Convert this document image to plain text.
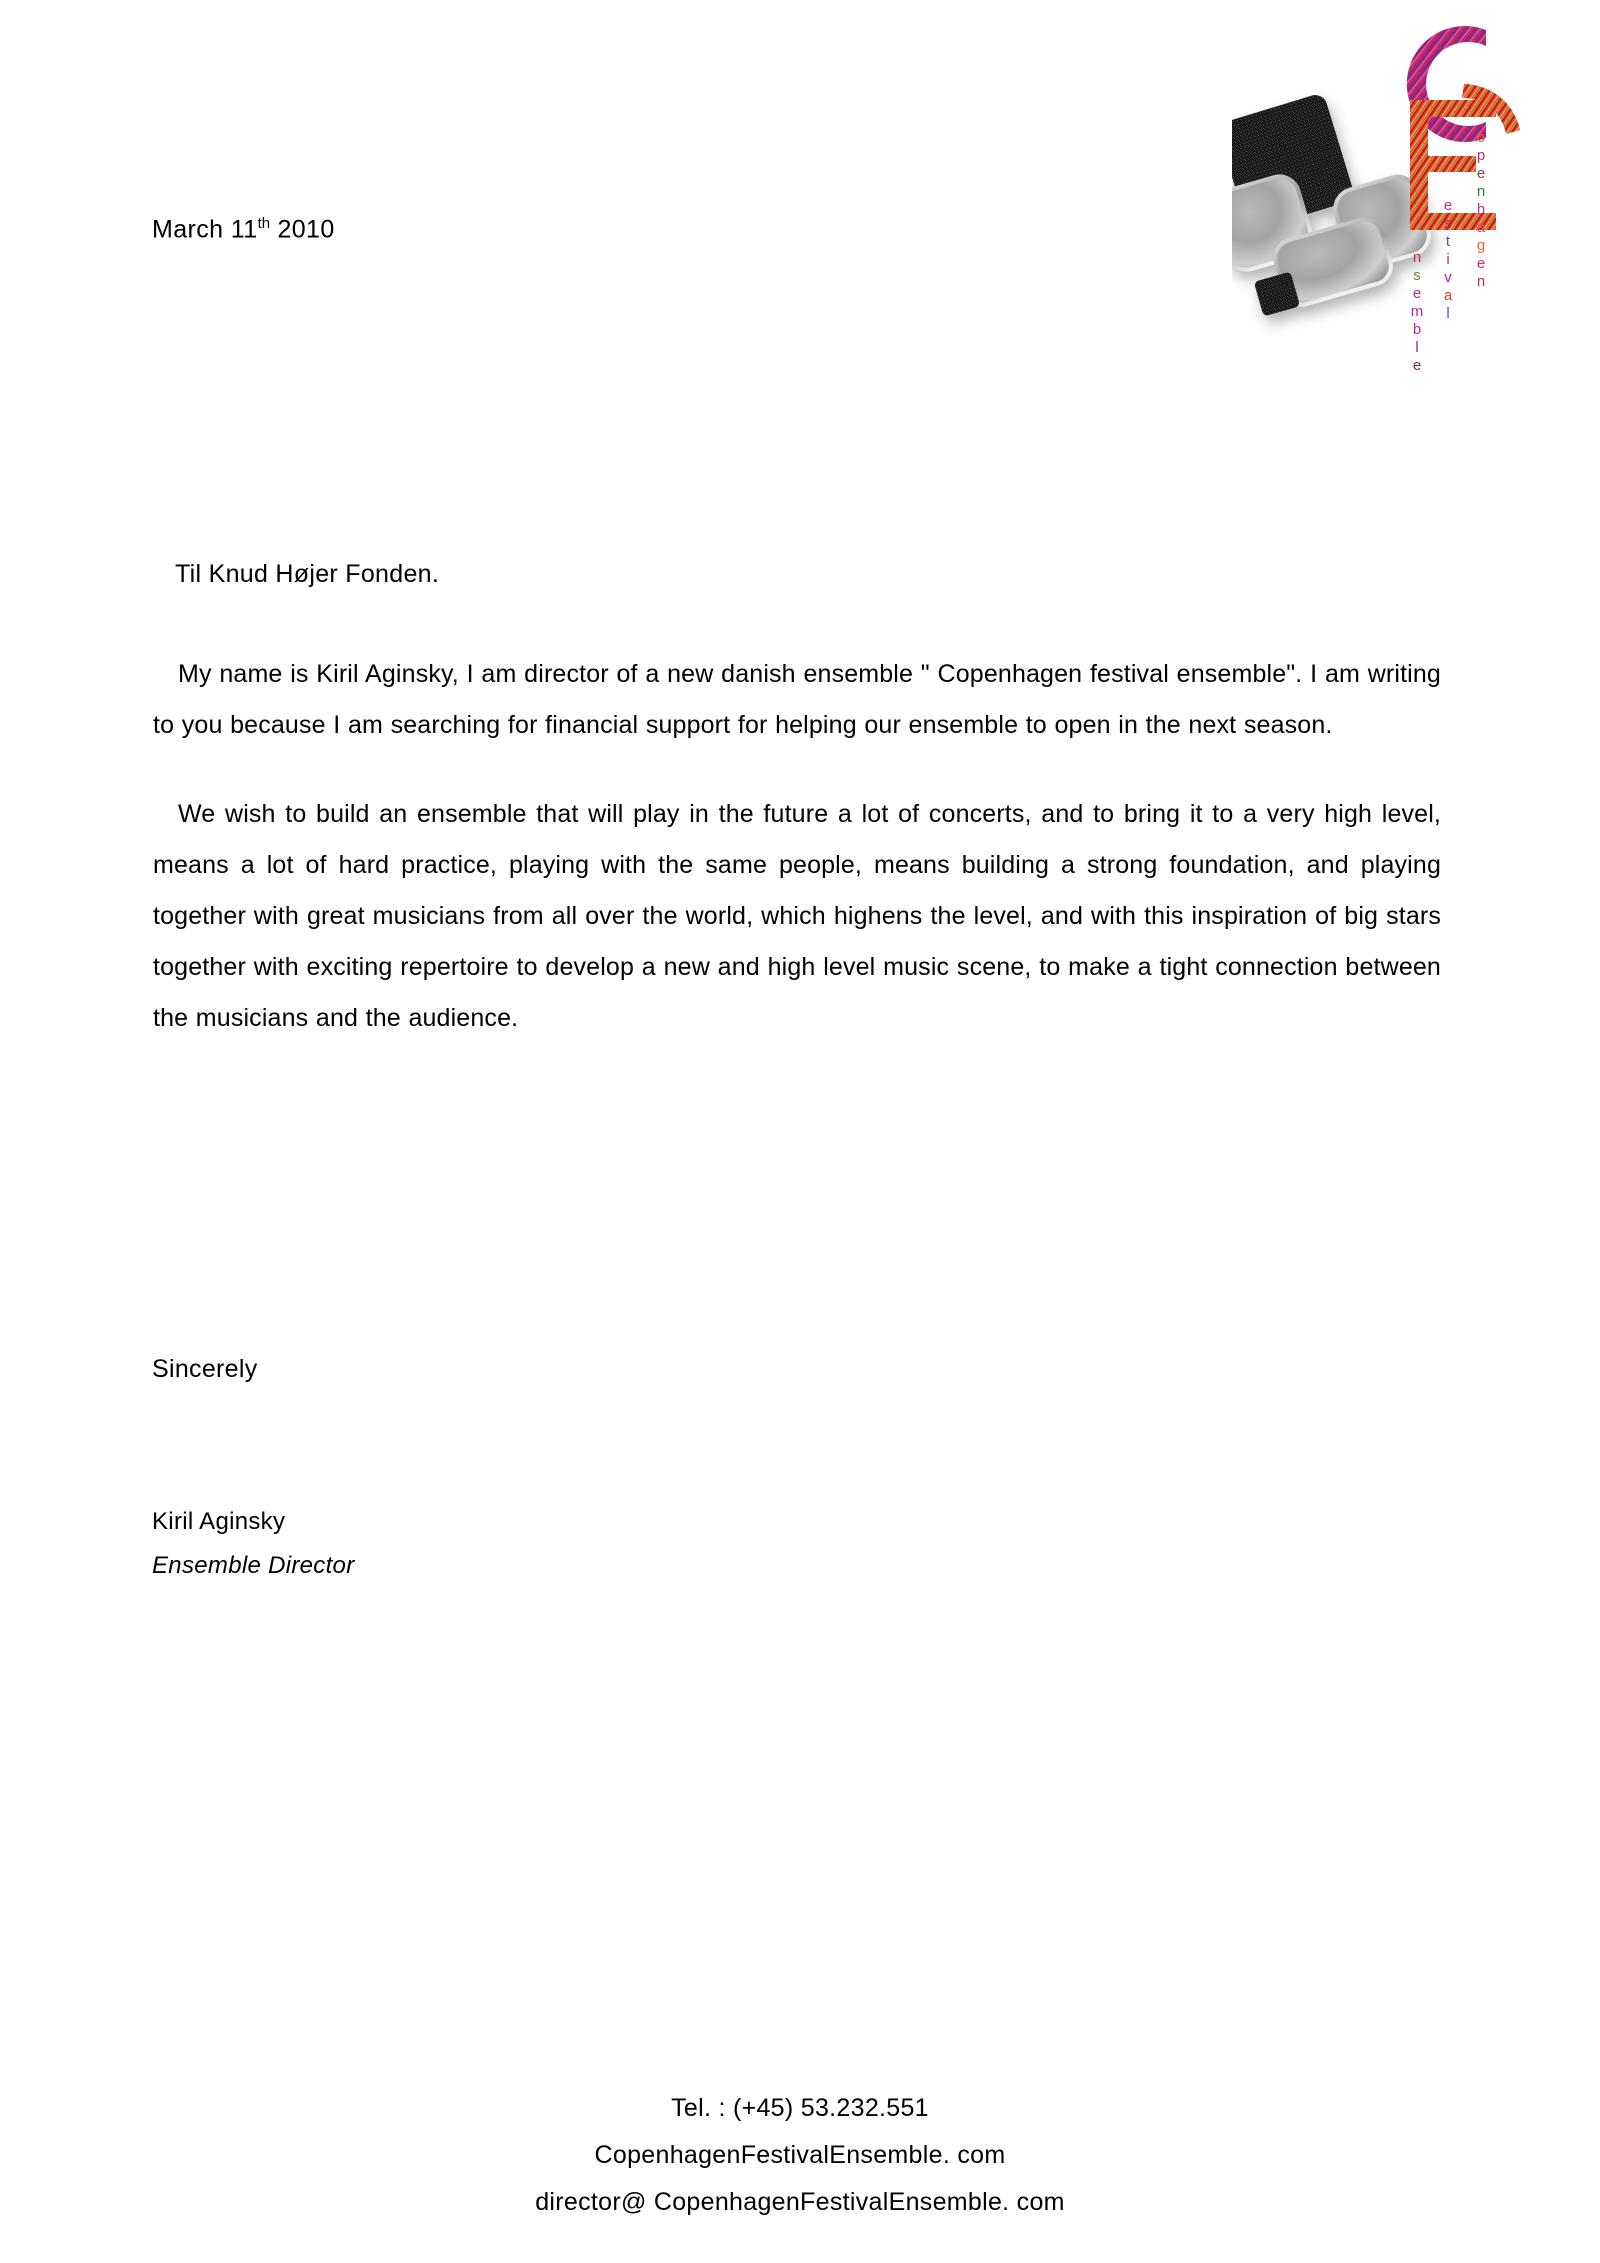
o
p
e
n
h
a
g
e
n
e
s
t
i
v
a
l
n
s
e
m
b
l
e
March 11th 2010

Til Knud Højer Fonden.

My name is Kiril Aginsky, I am director of a new danish ensemble " Copenhagen festival ensemble". I am writing to you because I am searching for financial support for helping our ensemble to open in the next season.

We wish to build an ensemble that will play in the future a lot of concerts, and to bring it to a very high level, means a lot of hard practice, playing with the same people, means building a strong foundation, and playing together with great musicians from all over the world, which highens the level, and with this inspiration of big stars together with exciting repertoire to develop a new and high level music scene, to make a tight connection between the musicians and the audience.

Sincerely
Kiril Aginsky
Ensemble Director
Tel. : (+45) 53.232.551
CopenhagenFestivalEnsemble. com
director@ CopenhagenFestivalEnsemble. com
